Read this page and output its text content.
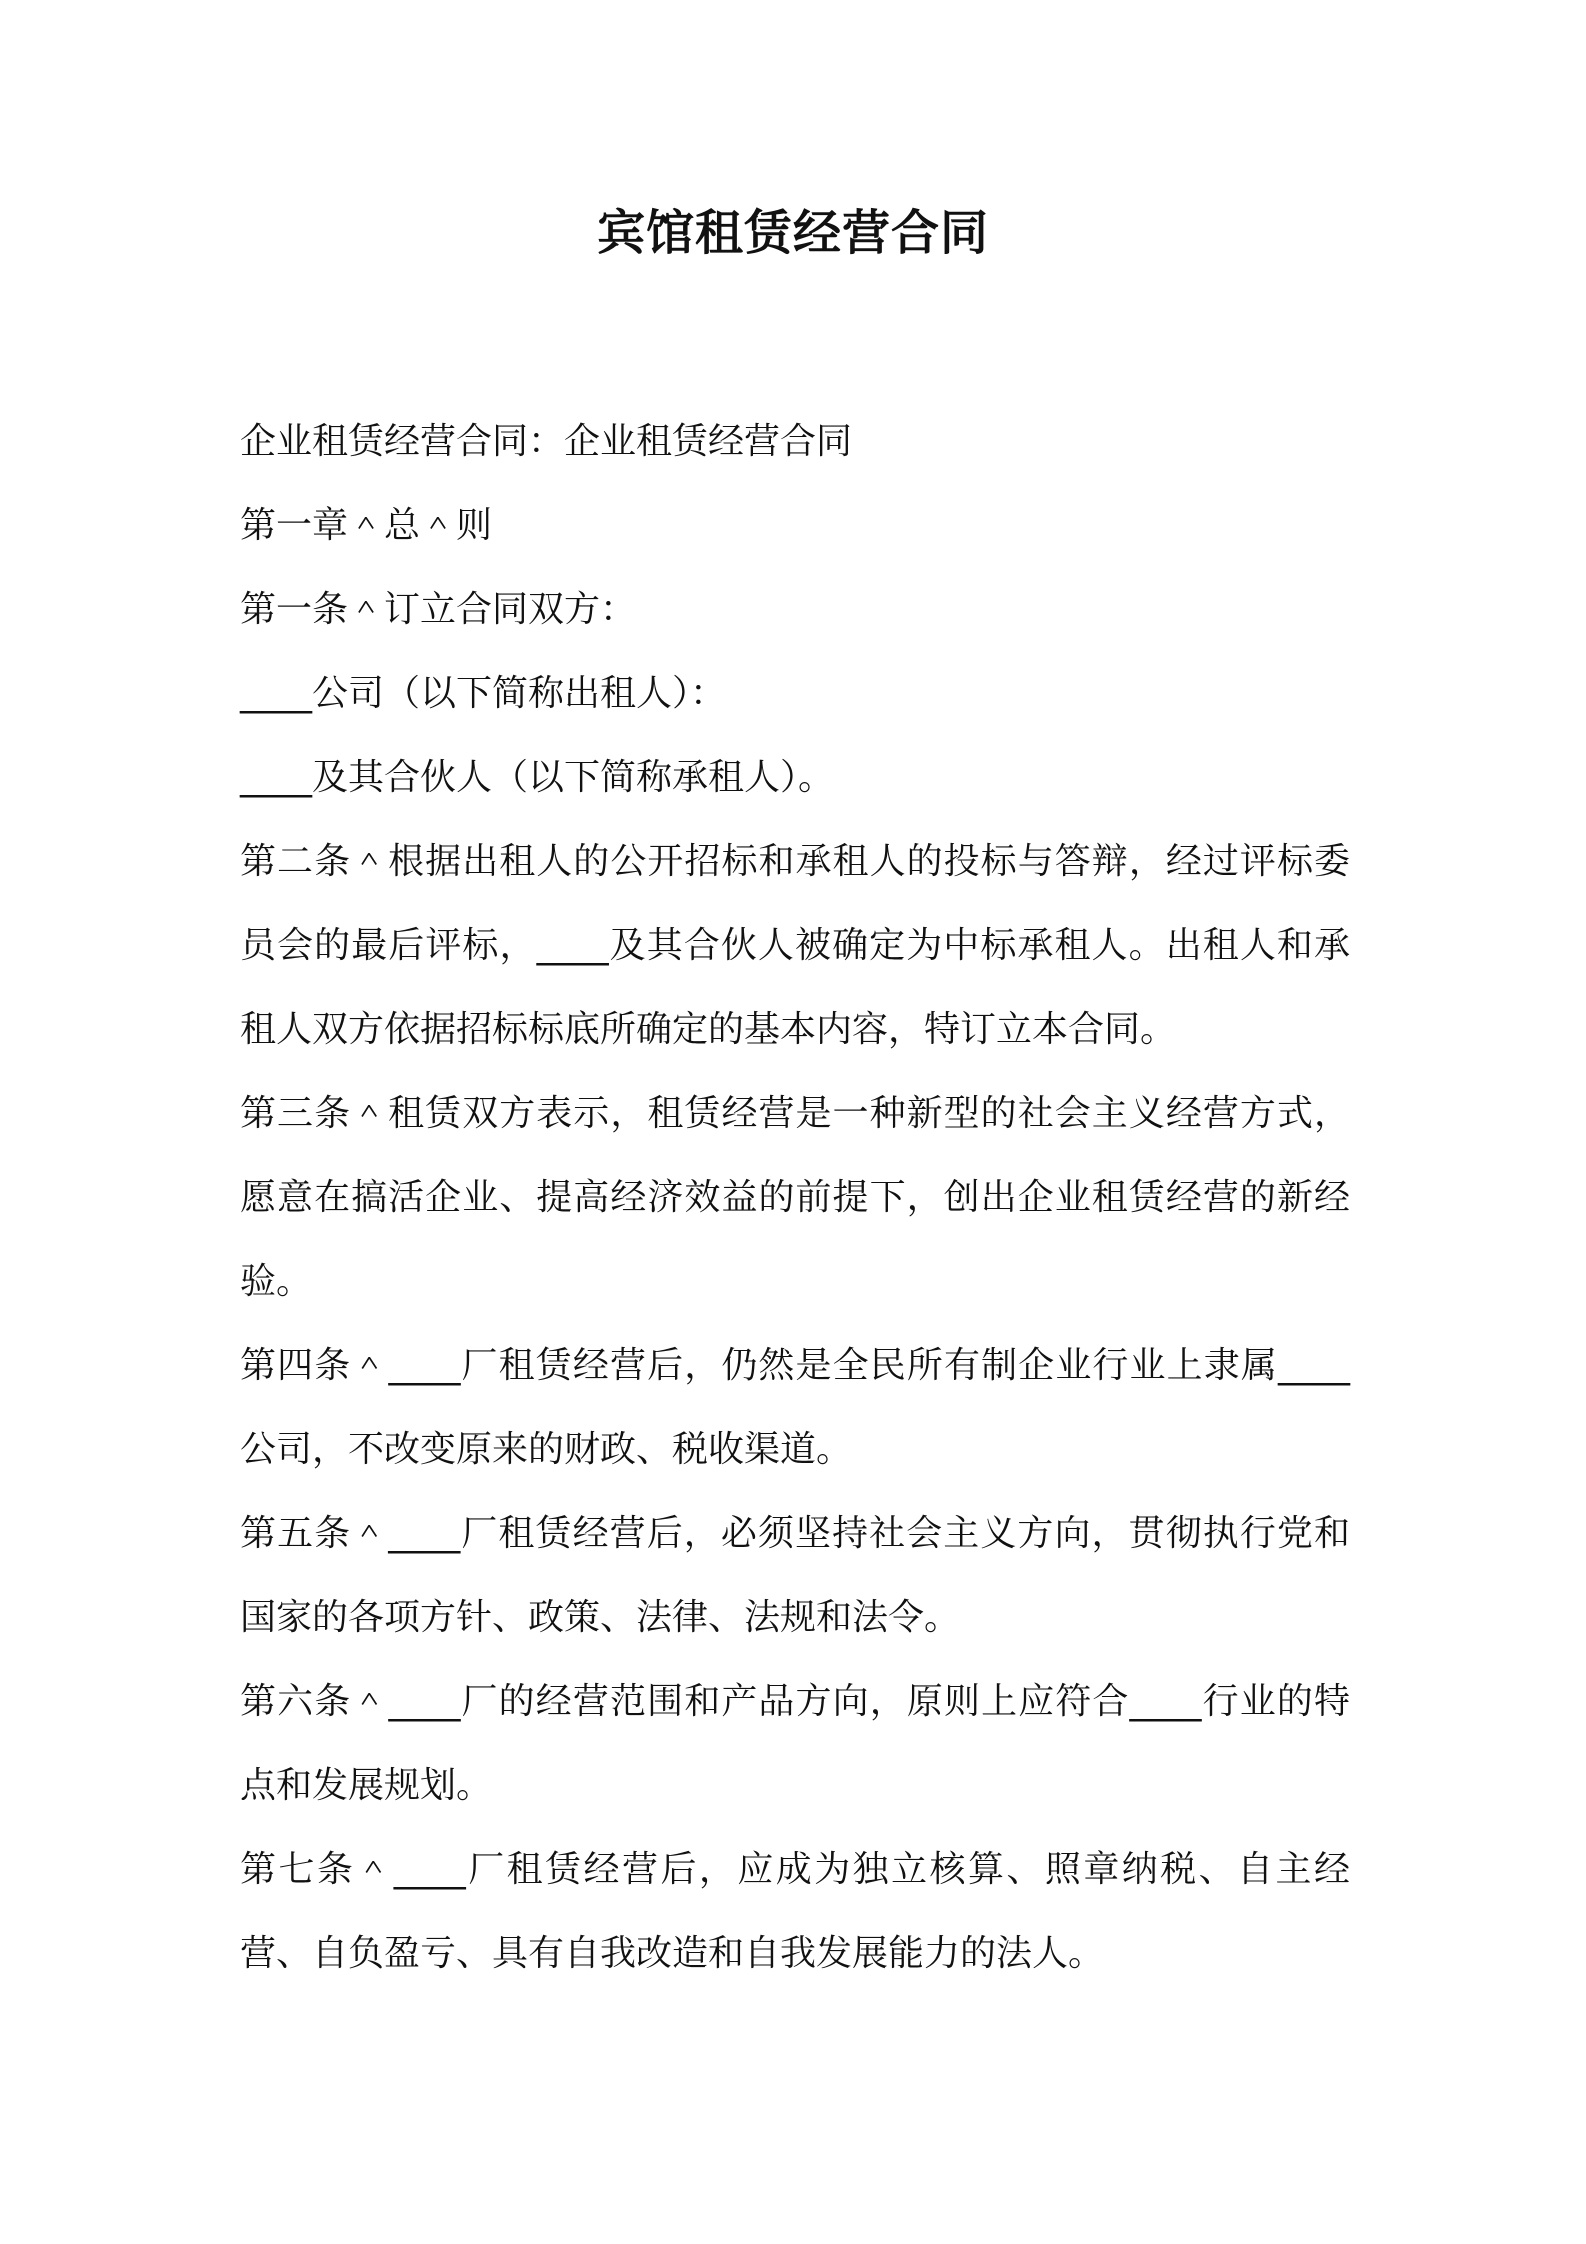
宾馆租赁经营合同

企业租赁经营合同：企业租赁经营合同

第一章＾总＾则

第一条＾订立合同双方：

____公司（以下简称出租人）：

____及其合伙人（以下简称承租人）。

第二条＾根据出租人的公开招标和承租人的投标与答辩，经过评标委员会的最后评标，____及其合伙人被确定为中标承租人。出租人和承租人双方依据招标标底所确定的基本内容，特订立本合同。

第三条＾租赁双方表示，租赁经营是一种新型的社会主义经营方式，愿意在搞活企业、提高经济效益的前提下，创出企业租赁经营的新经验。

第四条＾____厂租赁经营后，仍然是全民所有制企业行业上隶属____公司，不改变原来的财政、税收渠道。

第五条＾____厂租赁经营后，必须坚持社会主义方向，贯彻执行党和国家的各项方针、政策、法律、法规和法令。

第六条＾____厂的经营范围和产品方向，原则上应符合____行业的特点和发展规划。

第七条＾____厂租赁经营后，应成为独立核算、照章纳税、自主经营、自负盈亏、具有自我改造和自我发展能力的法人。
